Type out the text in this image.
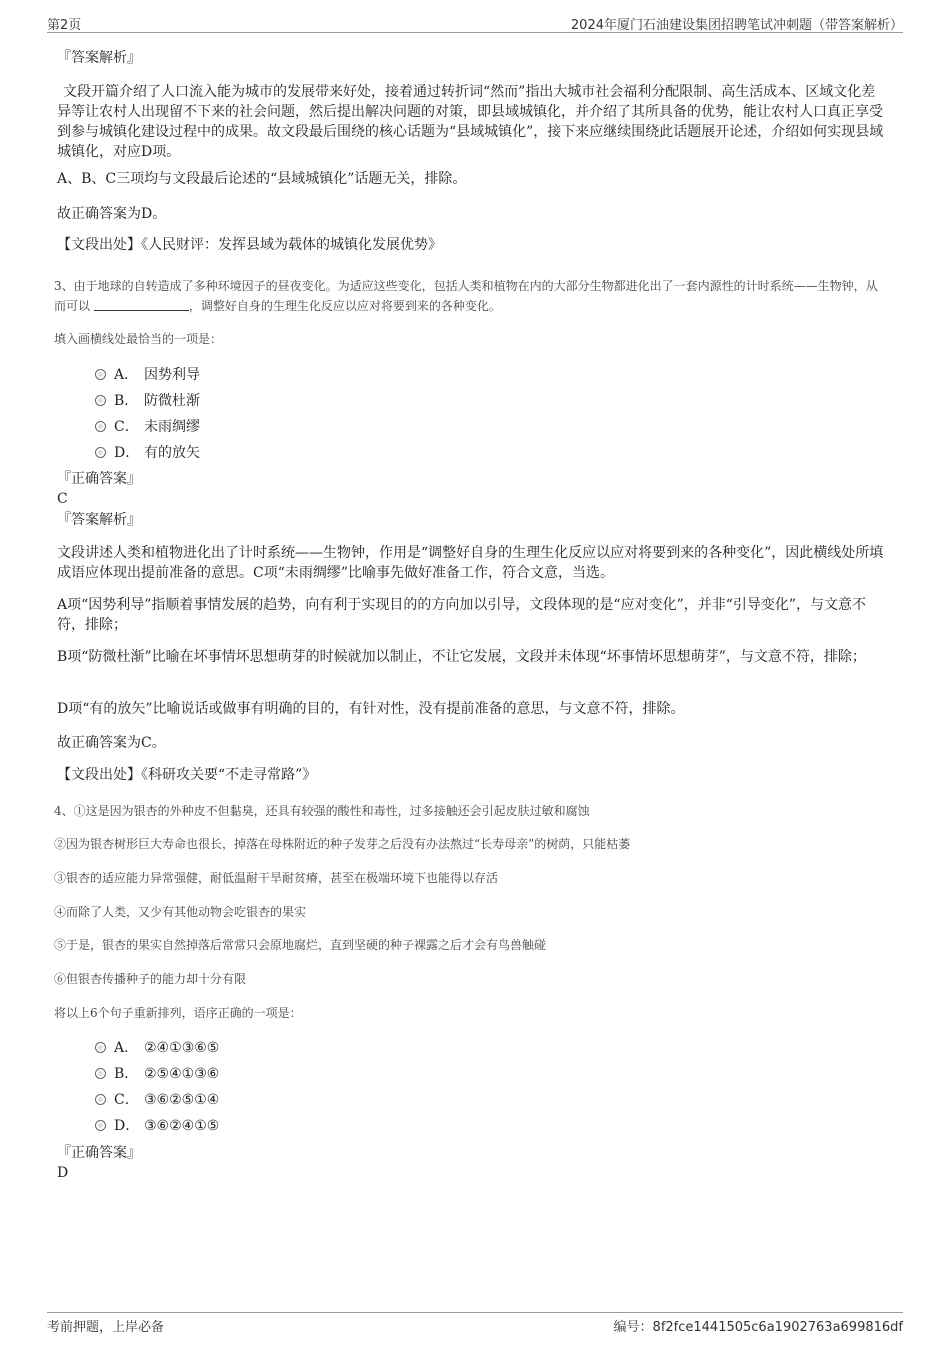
第2页	2024年厦门石油建设集团招聘笔试冲刺题（带答案解析）
『答案解析』
文段开篇介绍了人口流入能为城市的发展带来好处，接着通过转折词“然而”指出大城市社会福利分配限制、高生活成本、区域文化差异等让农村人出现留不下来的社会问题，然后提出解决问题的对策，即县域城镇化，并介绍了其所具备的优势，能让农村人口真正享受到参与城镇化建设过程中的成果。故文段最后围绕的核心话题为“县域城镇化”，接下来应继续围绕此话题展开论述，介绍如何实现县域城镇化，对应D项。
A、B、C三项均与文段最后论述的“县域城镇化”话题无关，排除。
故正确答案为D。
【文段出处】《人民财评：发挥县域为载体的城镇化发展优势》
3、由于地球的自转造成了多种环境因子的昼夜变化。为适应这些变化，包括人类和植物在内的大部分生物都进化出了一套内源性的计时系统——生物钟，从而可以	，调整好自身的生理生化反应以应对将要到来的各种变化。
填入画横线处最恰当的一项是：
A． 因势利导
B． 防微杜渐
C． 未雨绸缪
D． 有的放矢
『正确答案』
C
『答案解析』
文段讲述人类和植物进化出了计时系统——生物钟，作用是“调整好自身的生理生化反应以应对将要到来的各种变化”，因此横线处所填成语应体现出提前准备的意思。C项“未雨绸缪”比喻事先做好准备工作，符合文意，当选。
A项“因势利导”指顺着事情发展的趋势，向有利于实现目的的方向加以引导，文段体现的是“应对变化”，并非“引导变化”，与文意不符，排除；
B项“防微杜渐”比喻在坏事情坏思想萌芽的时候就加以制止，不让它发展，文段并未体现“坏事情坏思想萌芽”，与文意不符，排除；
D项“有的放矢”比喻说话或做事有明确的目的，有针对性，没有提前准备的意思，与文意不符，排除。
故正确答案为C。
【文段出处】《科研攻关要“不走寻常路”》
4、①这是因为银杏的外种皮不但黏臭，还具有较强的酸性和毒性，过多接触还会引起皮肤过敏和腐蚀
②因为银杏树形巨大寿命也很长，掉落在母株附近的种子发芽之后没有办法熬过“长寿母亲”的树荫，只能枯萎
③银杏的适应能力异常强健，耐低温耐干旱耐贫瘠，甚至在极端环境下也能得以存活
④而除了人类，又少有其他动物会吃银杏的果实
⑤于是，银杏的果实自然掉落后常常只会原地腐烂，直到坚硬的种子裸露之后才会有鸟兽触碰
⑥但银杏传播种子的能力却十分有限
将以上6个句子重新排列，语序正确的一项是：
A． ②④①③⑥⑤
B． ②⑤④①③⑥
C． ③⑥②⑤①④
D． ③⑥②④①⑤
『正确答案』
D
考前押题，上岸必备	编号：8f2fce1441505c6a1902763a699816df
